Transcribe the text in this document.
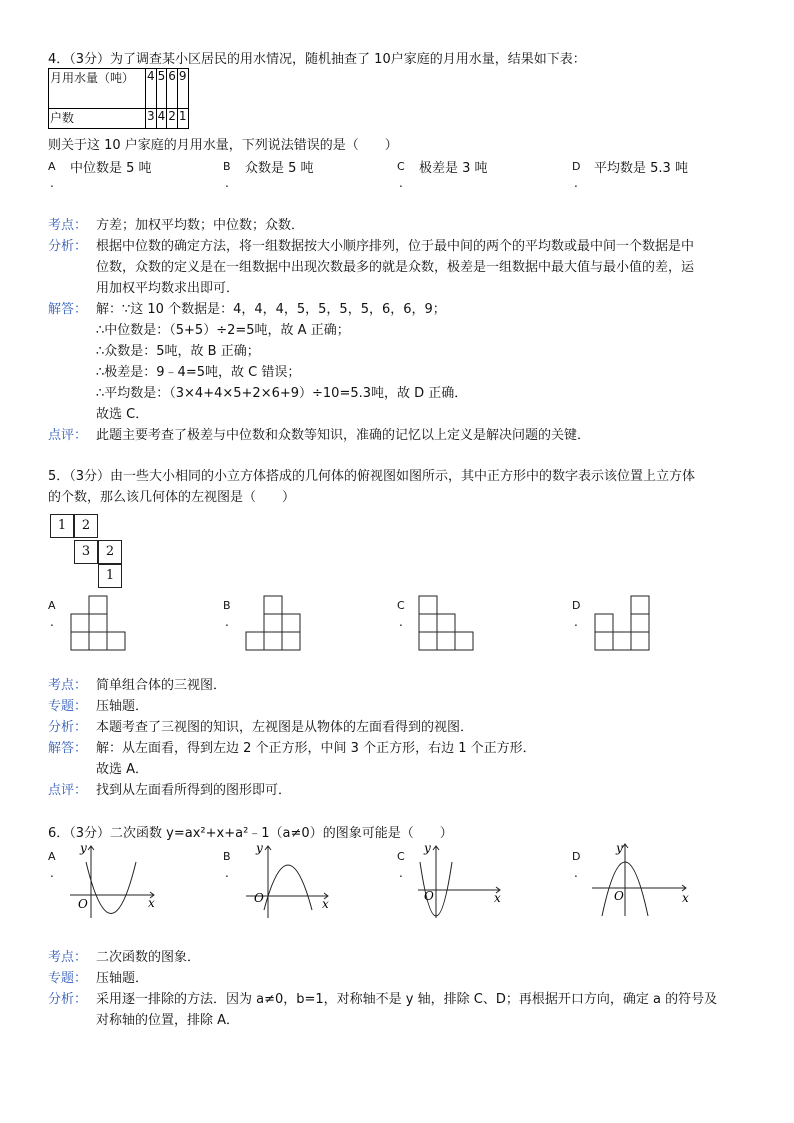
4．（3分）为了调查某小区居民的用水情况，随机抽查了 10户家庭的月用水量，结果如下表：
月用水量（吨）	4	5	6	9
户数	3	4	2	1
则关于这 10 户家庭的月用水量，下列说法错误的是（　　）
A
.
中位数是 5 吨	B
.
众数是 5 吨	C
.
极差是 3 吨	D
.
平均数是 5.3 吨
考点： 方差；加权平均数；中位数；众数．
分析： 根据中位数的确定方法，将一组数据按大小顺序排列，位于最中间的两个的平均数或最中间一个数据是中
位数，众数的定义是在一组数据中出现次数最多的就是众数，极差是一组数据中最大值与最小值的差，运
用加权平均数求出即可．
解答： 解：∵这 10 个数据是：4，4，4，5，5，5，5，6，6，9；
∴中位数是：（5+5）÷2=5吨，故 A 正确；
∴众数是：5吨，故 B 正确；
∴极差是：9﹣4=5吨，故 C 错误；
∴平均数是：（3×4+4×5+2×6+9）÷10=5.3吨，故 D 正确．
故选 C．
点评： 此题主要考查了极差与中位数和众数等知识，准确的记忆以上定义是解决问题的关键．
5．（3分）由一些大小相同的小立方体搭成的几何体的俯视图如图所示，其中正方形中的数字表示该位置上立方体
的个数，那么该几何体的左视图是（　　）
1	2
3	2
1
A
.
B
.
C
.
D
.
考点： 简单组合体的三视图．
专题： 压轴题．
分析： 本题考查了三视图的知识，左视图是从物体的左面看得到的视图．
解答： 解：从左面看，得到左边 2 个正方形，中间 3 个正方形，右边 1 个正方形．
故选 A．
点评： 找到从左面看所得到的图形即可．
6．（3分）二次函数 y=ax²+x+a²﹣1（a≠0）的图象可能是（　　）
A
.
y
x
O
B
.
y
x
O
C
.
y
x
O
D
.
y
x
O
考点： 二次函数的图象．
专题： 压轴题．
分析： 采用逐一排除的方法．因为 a≠0，b=1，对称轴不是 y 轴，排除 C、D；再根据开口方向，确定 a 的符号及
对称轴的位置，排除 A．
